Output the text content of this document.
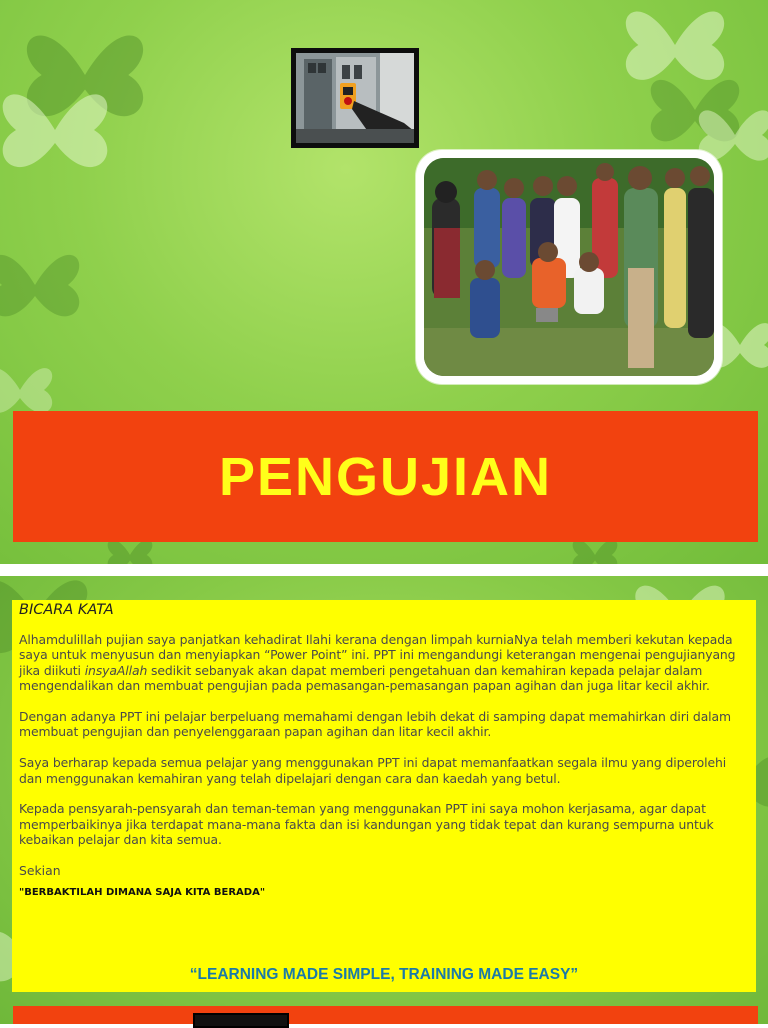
PENGUJIAN

BICARA KATA

Alhamdulillah pujian saya panjatkan kehadirat Ilahi kerana dengan limpah kurniaNya telah memberi kekutan kepada saya untuk menyusun dan menyiapkan “Power Point” ini. PPT ini mengandungi keterangan mengenai pengujianyang jika diikuti insyaAllah sedikit sebanyak akan dapat memberi pengetahuan dan kemahiran kepada pelajar dalam mengendalikan dan membuat pengujian pada pemasangan-pemasangan papan agihan dan juga litar kecil akhir.

Dengan adanya PPT ini pelajar berpeluang memahami dengan lebih dekat di samping dapat memahirkan diri dalam membuat pengujian dan penyelenggaraan papan agihan dan litar kecil akhir.

Saya berharap kepada semua pelajar yang menggunakan PPT ini dapat memanfaatkan segala ilmu yang diperolehi dan menggunakan kemahiran yang telah dipelajari dengan cara dan kaedah yang betul.

Kepada pensyarah-pensyarah dan teman-teman yang menggunakan PPT ini saya mohon kerjasama, agar dapat memperbaikinya jika terdapat mana-mana fakta dan isi kandungan yang tidak tepat dan kurang sempurna untuk kebaikan pelajar dan kita semua.

Sekian

"BERBAKTILAH DIMANA SAJA KITA BERADA"

“LEARNING MADE SIMPLE, TRAINING MADE EASY”
